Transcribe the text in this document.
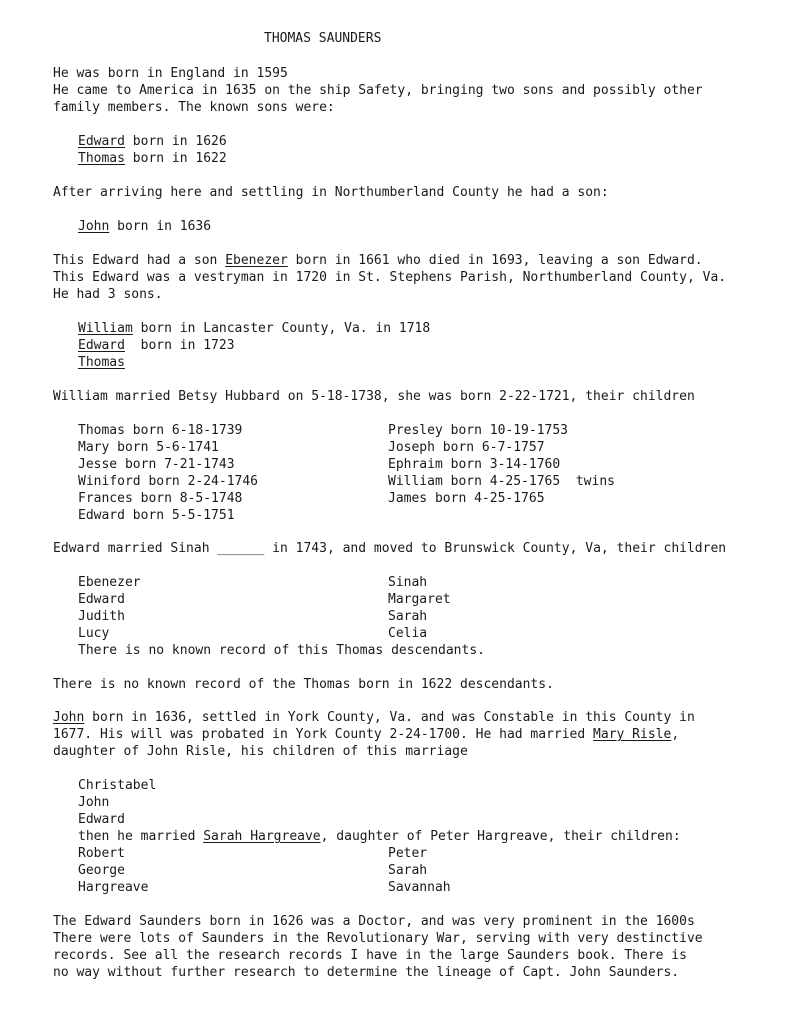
THOMAS SAUNDERS
He was born in England in 1595
He came to America in 1635 on the ship Safety, bringing two sons and possibly other
family members. The known sons were:
Edward born in 1626
Thomas born in 1622
After arriving here and settling in Northumberland County he had a son:
John born in 1636
This Edward had a son Ebenezer born in 1661 who died in 1693, leaving a son Edward.
This Edward was a vestryman in 1720 in St. Stephens Parish, Northumberland County, Va.
He had 3 sons.
William born in Lancaster County, Va. in 1718
Edward  born in 1723
Thomas
William married Betsy Hubbard on 5-18-1738, she was born 2-22-1721, their children
Thomas born 6-18-1739
Mary born 5-6-1741
Jesse born 7-21-1743
Winiford born 2-24-1746
Frances born 8-5-1748
Edward born 5-5-1751
Presley born 10-19-1753
Joseph born 6-7-1757
Ephraim born 3-14-1760
William born 4-25-1765  twins
James born 4-25-1765
Edward married Sinah ______ in 1743, and moved to Brunswick County, Va, their children
Ebenezer
Edward
Judith
Lucy
Sinah
Margaret
Sarah
Celia
There is no known record of this Thomas descendants.
There is no known record of the Thomas born in 1622 descendants.
John born in 1636, settled in York County, Va. and was Constable in this County in
1677. His will was probated in York County 2-24-1700. He had married Mary Risle,
daughter of John Risle, his children of this marriage
Christabel
John
Edward
then he married Sarah Hargreave, daughter of Peter Hargreave, their children:
Robert
George
Hargreave
Peter
Sarah
Savannah
The Edward Saunders born in 1626 was a Doctor, and was very prominent in the 1600s
There were lots of Saunders in the Revolutionary War, serving with very destinctive
records. See all the research records I have in the large Saunders book. There is
no way without further research to determine the lineage of Capt. John Saunders.
